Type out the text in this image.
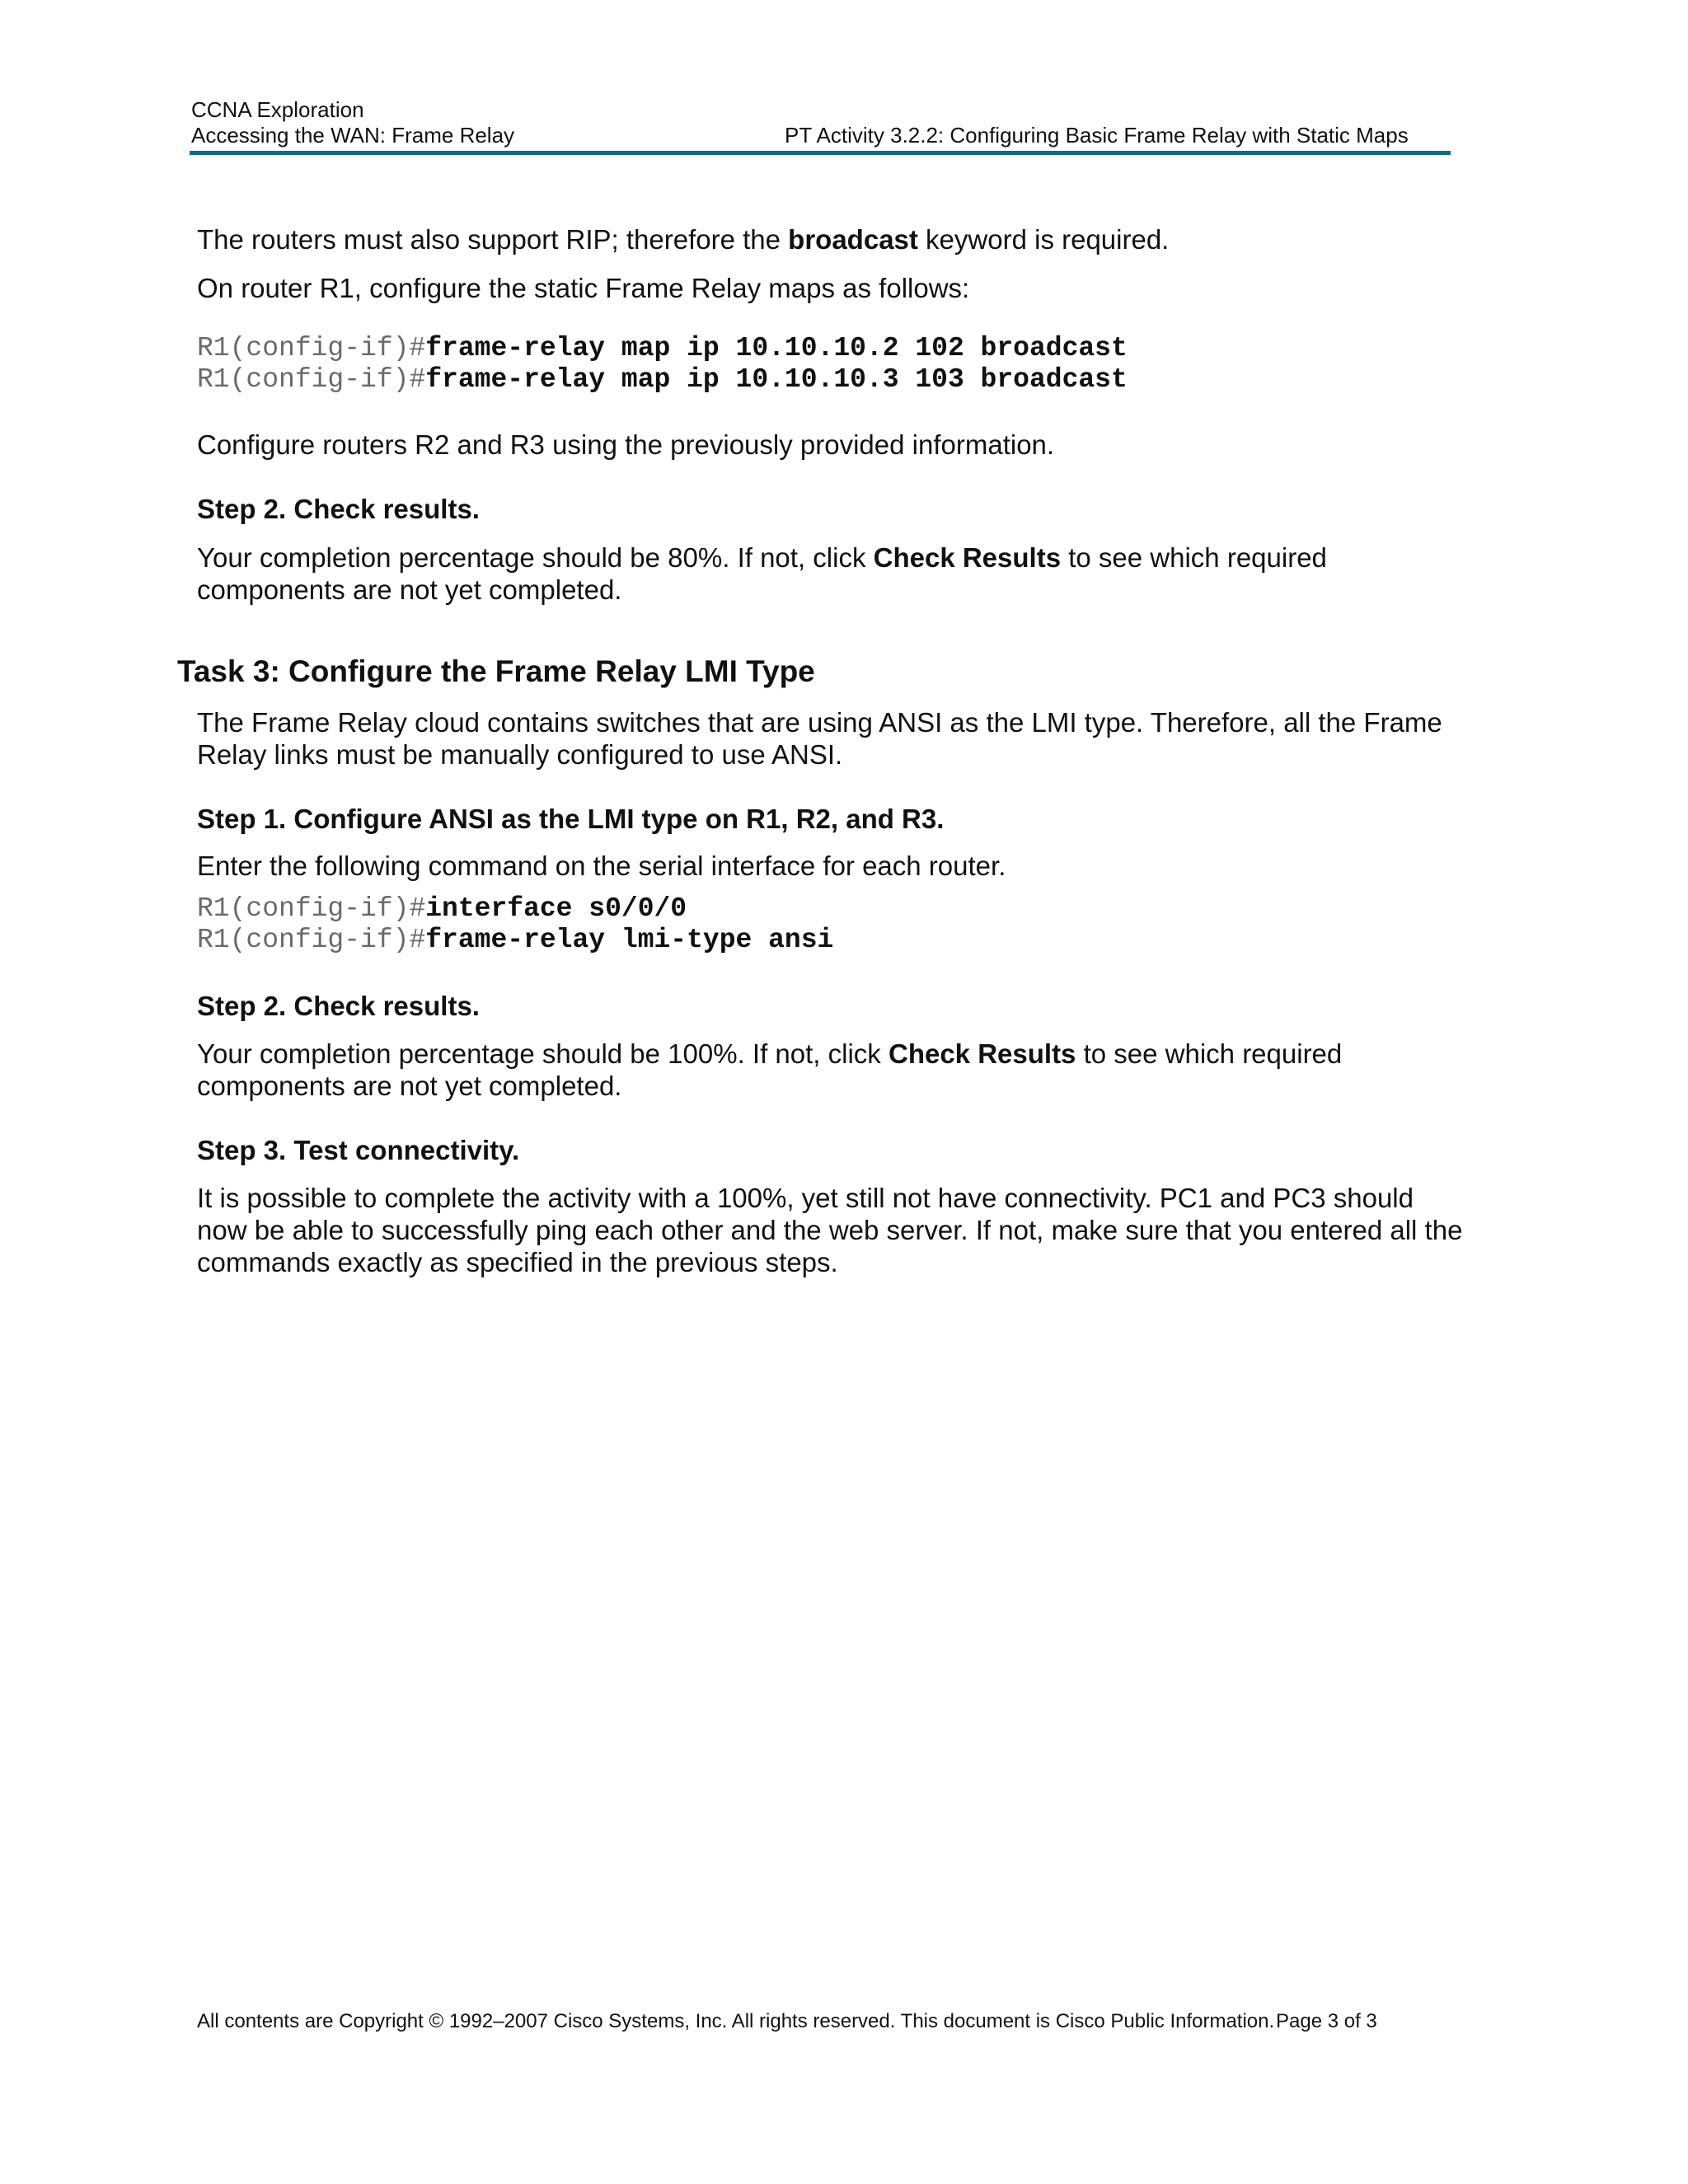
CCNA Exploration
Accessing the WAN: Frame Relay	PT Activity 3.2.2: Configuring Basic Frame Relay with Static Maps
The routers must also support RIP; therefore the broadcast keyword is required.
On router R1, configure the static Frame Relay maps as follows:
R1(config-if)#frame-relay map ip 10.10.10.2 102 broadcast
R1(config-if)#frame-relay map ip 10.10.10.3 103 broadcast
Configure routers R2 and R3 using the previously provided information.
Step 2. Check results.
Your completion percentage should be 80%. If not, click Check Results to see which required
components are not yet completed.
Task 3: Configure the Frame Relay LMI Type
The Frame Relay cloud contains switches that are using ANSI as the LMI type. Therefore, all the Frame
Relay links must be manually configured to use ANSI.
Step 1. Configure ANSI as the LMI type on R1, R2, and R3.
Enter the following command on the serial interface for each router.
R1(config-if)#interface s0/0/0
R1(config-if)#frame-relay lmi-type ansi
Step 2. Check results.
Your completion percentage should be 100%. If not, click Check Results to see which required
components are not yet completed.
Step 3. Test connectivity.
It is possible to complete the activity with a 100%, yet still not have connectivity. PC1 and PC3 should
now be able to successfully ping each other and the web server. If not, make sure that you entered all the
commands exactly as specified in the previous steps.
All contents are Copyright © 1992–2007 Cisco Systems, Inc. All rights reserved. This document is Cisco Public Information. Page 3 of 3
